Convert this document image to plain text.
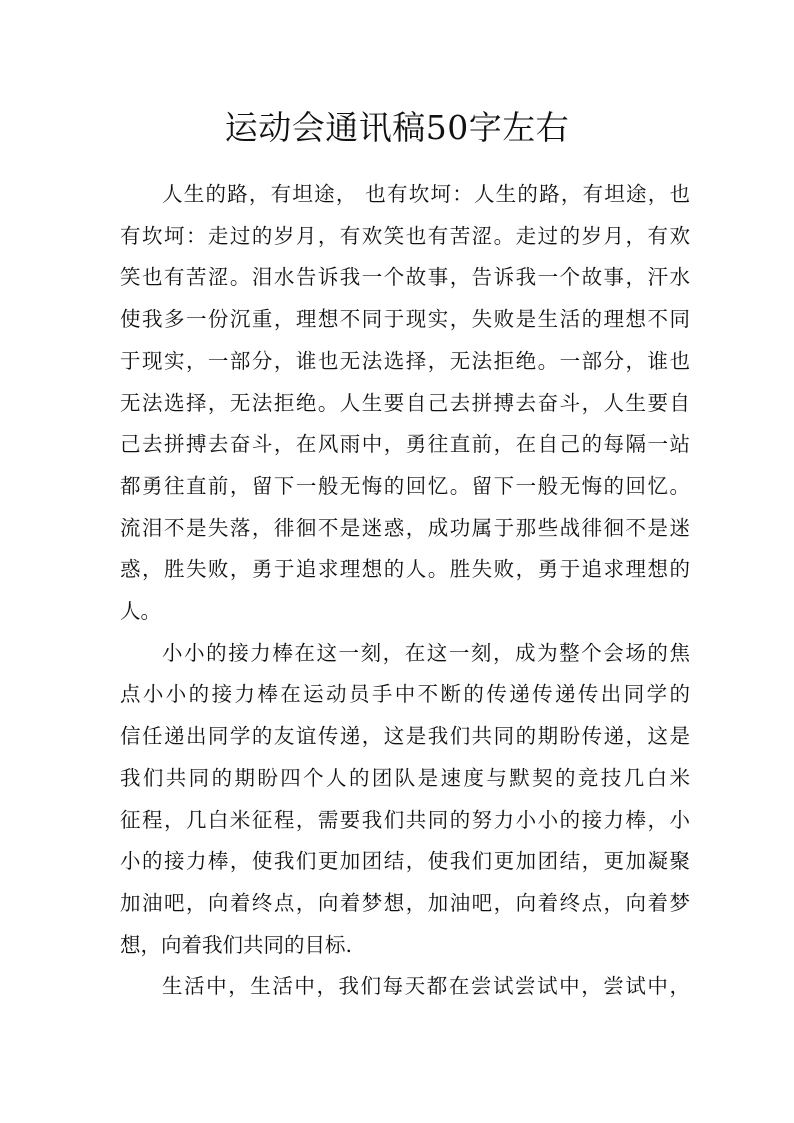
运动会通讯稿50字左右

人生的路，有坦途， 也有坎坷：人生的路，有坦途，也
有坎坷：走过的岁月，有欢笑也有苦涩。走过的岁月，有欢
笑也有苦涩。泪水告诉我一个故事，告诉我一个故事，汗水
使我多一份沉重，理想不同于现实，失败是生活的理想不同
于现实，一部分，谁也无法选择，无法拒绝。一部分，谁也
无法选择，无法拒绝。人生要自己去拼搏去奋斗，人生要自
己去拼搏去奋斗，在风雨中，勇往直前，在自己的每隔一站
都勇往直前，留下一般无悔的回忆。留下一般无悔的回忆。
流泪不是失落，徘徊不是迷惑，成功属于那些战徘徊不是迷
惑，胜失败，勇于追求理想的人。胜失败，勇于追求理想的
人。

小小的接力棒在这一刻，在这一刻，成为整个会场的焦
点小小的接力棒在运动员手中不断的传递传递传出同学的
信任递出同学的友谊传递，这是我们共同的期盼传递，这是
我们共同的期盼四个人的团队是速度与默契的竞技几白米
征程，几白米征程，需要我们共同的努力小小的接力棒，小
小的接力棒，使我们更加团结，使我们更加团结，更加凝聚
加油吧，向着终点，向着梦想，加油吧，向着终点，向着梦
想，向着我们共同的目标.

生活中，生活中，我们每天都在尝试尝试中，尝试中，
